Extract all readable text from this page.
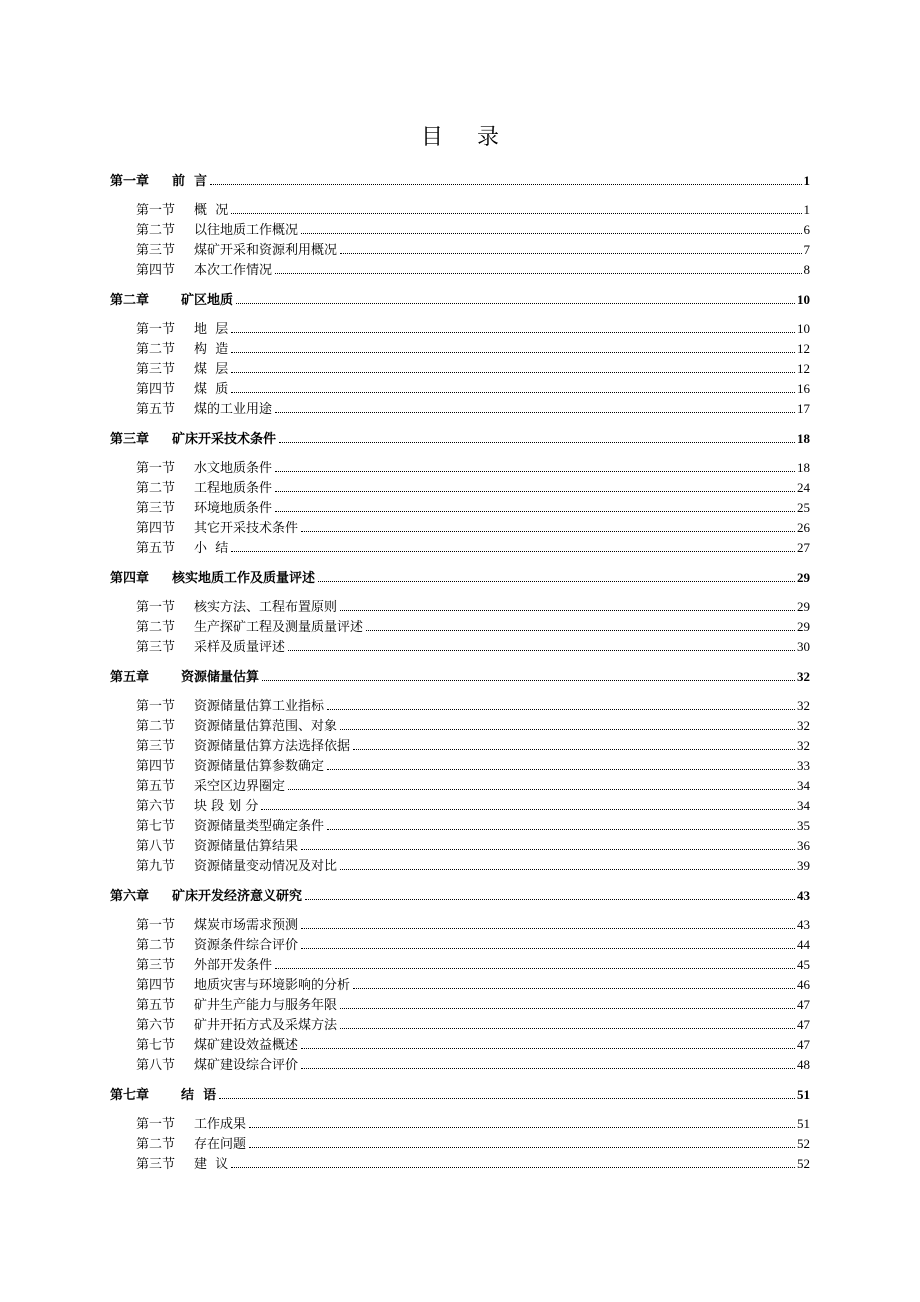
目 录
第一章	前  言	1
第一节	概  况	1
第二节	以往地质工作概况	6
第三节	煤矿开采和资源利用概况	7
第四节	本次工作情况	8
第二章	矿区地质	10
第一节	地  层	10
第二节	构  造	12
第三节	煤  层	12
第四节	煤  质	16
第五节	煤的工业用途	17
第三章	矿床开采技术条件	18
第一节	水文地质条件	18
第二节	工程地质条件	24
第三节	环境地质条件	25
第四节	其它开采技术条件	26
第五节	小  结	27
第四章	核实地质工作及质量评述	29
第一节	核实方法、工程布置原则	29
第二节	生产探矿工程及测量质量评述	29
第三节	采样及质量评述	30
第五章	资源储量估算	32
第一节	资源储量估算工业指标	32
第二节	资源储量估算范围、对象	32
第三节	资源储量估算方法选择依据	32
第四节	资源储量估算参数确定	33
第五节	采空区边界圈定	34
第六节	块 段 划 分	34
第七节	资源储量类型确定条件	35
第八节	资源储量估算结果	36
第九节	资源储量变动情况及对比	39
第六章	矿床开发经济意义研究	43
第一节	煤炭市场需求预测	43
第二节	资源条件综合评价	44
第三节	外部开发条件	45
第四节	地质灾害与环境影响的分析	46
第五节	矿井生产能力与服务年限	47
第六节	矿井开拓方式及采煤方法	47
第七节	煤矿建设效益概述	47
第八节	煤矿建设综合评价	48
第七章	结  语	51
第一节	工作成果	51
第二节	存在问题	52
第三节	建  议	52
